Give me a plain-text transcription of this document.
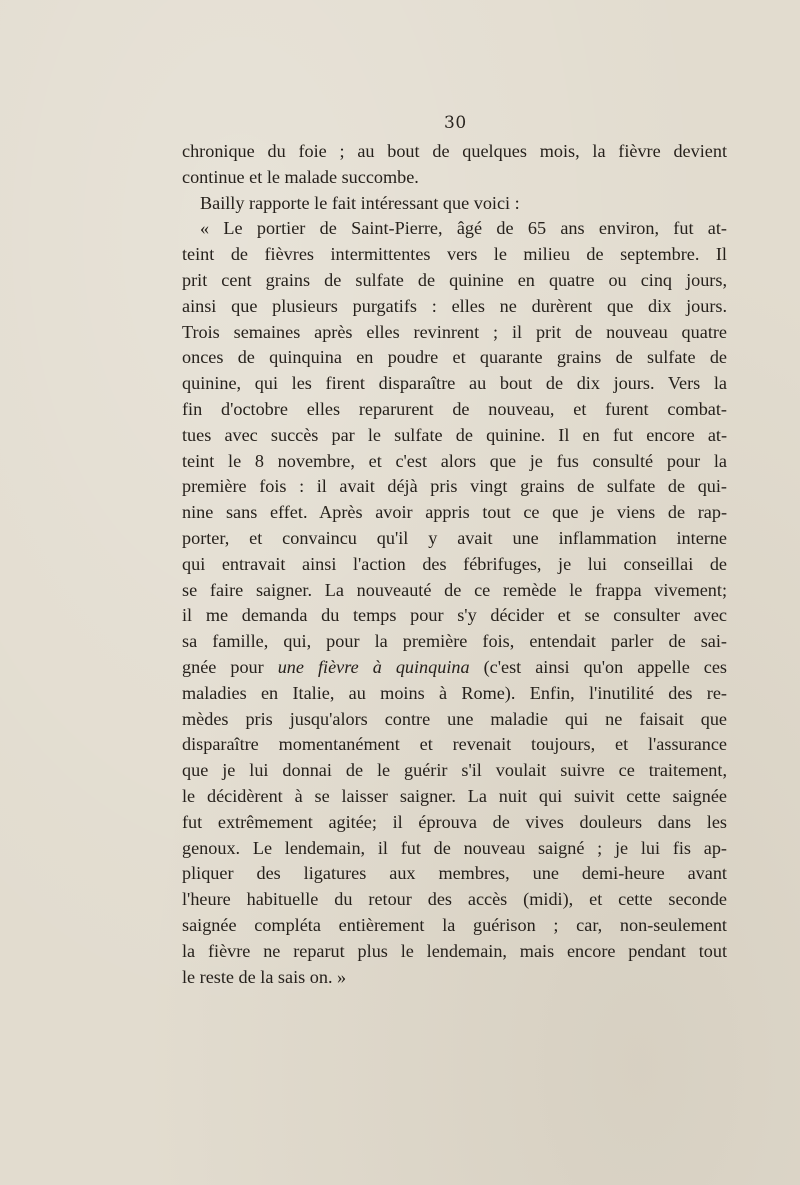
30
chronique du foie ; au bout de quelques mois, la fièvre devient
continue et le malade succombe.
Bailly rapporte le fait intéressant que voici :
« Le portier de Saint-Pierre, âgé de 65 ans environ, fut at-
teint de fièvres intermittentes vers le milieu de septembre. Il
prit cent grains de sulfate de quinine en quatre ou cinq jours,
ainsi que plusieurs purgatifs : elles ne durèrent que dix jours.
Trois semaines après elles revinrent ; il prit de nouveau quatre
onces de quinquina en poudre et quarante grains de sulfate de
quinine, qui les firent disparaître au bout de dix jours. Vers la
fin d'octobre elles reparurent de nouveau, et furent combat-
tues avec succès par le sulfate de quinine. Il en fut encore at-
teint le 8 novembre, et c'est alors que je fus consulté pour la
première fois : il avait déjà pris vingt grains de sulfate de qui-
nine sans effet. Après avoir appris tout ce que je viens de rap-
porter, et convaincu qu'il y avait une inflammation interne
qui entravait ainsi l'action des fébrifuges, je lui conseillai de
se faire saigner. La nouveauté de ce remède le frappa vivement;
il me demanda du temps pour s'y décider et se consulter avec
sa famille, qui, pour la première fois, entendait parler de sai-
gnée pour une fièvre à quinquina (c'est ainsi qu'on appelle ces
maladies en Italie, au moins à Rome). Enfin, l'inutilité des re-
mèdes pris jusqu'alors contre une maladie qui ne faisait que
disparaître momentanément et revenait toujours, et l'assurance
que je lui donnai de le guérir s'il voulait suivre ce traitement,
le décidèrent à se laisser saigner. La nuit qui suivit cette saignée
fut extrêmement agitée; il éprouva de vives douleurs dans les
genoux. Le lendemain, il fut de nouveau saigné ; je lui fis ap-
pliquer des ligatures aux membres, une demi-heure avant
l'heure habituelle du retour des accès (midi), et cette seconde
saignée compléta entièrement la guérison ; car, non-seulement
la fièvre ne reparut plus le lendemain, mais encore pendant tout
le reste de la sais on. »
